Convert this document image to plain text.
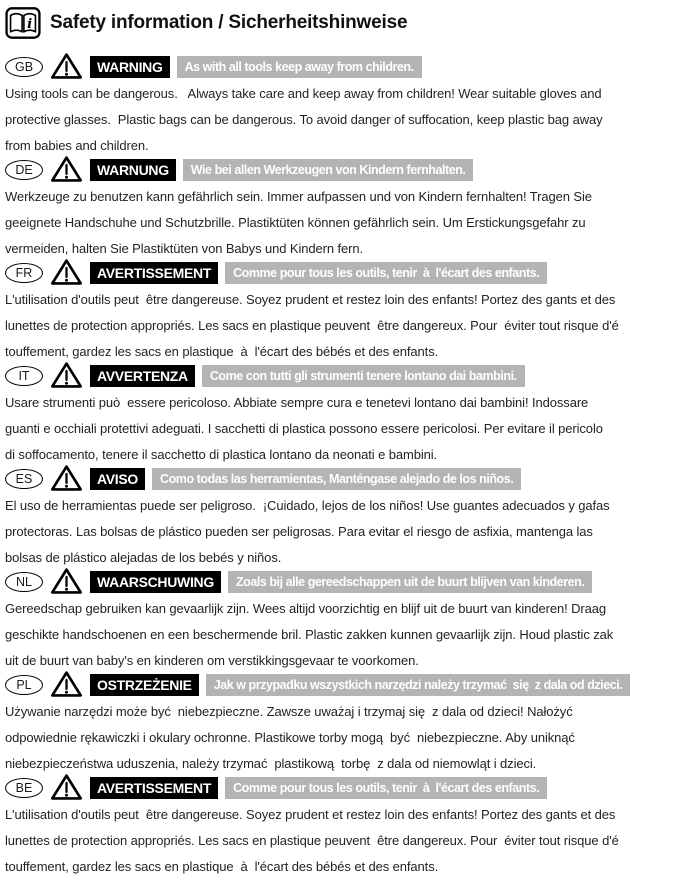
i Safety information / Sicherheitshinweise
GB	WARNING	As with all tools keep away from children.
Using tools can be dangerous.   Always take care and keep away from children! Wear suitable gloves and
protective glasses.  Plastic bags can be dangerous. To avoid danger of suffocation, keep plastic bag away
from babies and children.
DE	WARNUNG	Wie bei allen Werkzeugen von Kindern fernhalten.
Werkzeuge zu benutzen kann gefährlich sein. Immer aufpassen und von Kindern fernhalten! Tragen Sie
geeignete Handschuhe und Schutzbrille. Plastiktüten können gefährlich sein. Um Erstickungsgefahr zu
vermeiden, halten Sie Plastiktüten von Babys und Kindern fern.
FR	AVERTISSEMENT	Comme pour tous les outils, tenir  à  l'écart des enfants.
L'utilisation d'outils peut  être dangereuse. Soyez prudent et restez loin des enfants! Portez des gants et des
lunettes de protection appropriés. Les sacs en plastique peuvent  être dangereux. Pour  éviter tout risque d'é
touffement, gardez les sacs en plastique  à  l'écart des bébés et des enfants.
IT	AVVERTENZA	Come con tutti gli strumenti tenere lontano dai bambini.
Usare strumenti può  essere pericoloso. Abbiate sempre cura e tenetevi lontano dai bambini! Indossare
guanti e occhiali protettivi adeguati. I sacchetti di plastica possono essere pericolosi. Per evitare il pericolo
di soffocamento, tenere il sacchetto di plastica lontano da neonati e bambini.
ES	AVISO	Como todas las herramientas, Manténgase alejado de los niños.
El uso de herramientas puede ser peligroso.  ¡Cuidado, lejos de los niños! Use guantes adecuados y gafas
protectoras. Las bolsas de plástico pueden ser peligrosas. Para evitar el riesgo de asfixia, mantenga las
bolsas de plástico alejadas de los bebés y niños.
NL	WAARSCHUWING	Zoals bij alle gereedschappen uit de buurt blijven van kinderen.
Gereedschap gebruiken kan gevaarlijk zijn. Wees altijd voorzichtig en blijf uit de buurt van kinderen! Draag
geschikte handschoenen en een beschermende bril. Plastic zakken kunnen gevaarlijk zijn. Houd plastic zak
uit de buurt van baby's en kinderen om verstikkingsgevaar te voorkomen.
PL	OSTRZEŻENIE	Jak w przypadku wszystkich narzędzi należy trzymać  się  z dala od dzieci.
Używanie narzędzi może być  niebezpieczne. Zawsze uważaj i trzymaj się  z dala od dzieci! Nałożyć
odpowiednie rękawiczki i okulary ochronne. Plastikowe torby mogą  być  niebezpieczne. Aby uniknąć
niebezpieczeństwa uduszenia, należy trzymać  plastikową  torbę  z dala od niemowląt i dzieci.
BE	AVERTISSEMENT	Comme pour tous les outils, tenir  à  l'écart des enfants.
L'utilisation d'outils peut  être dangereuse. Soyez prudent et restez loin des enfants! Portez des gants et des
lunettes de protection appropriés. Les sacs en plastique peuvent  être dangereux. Pour  éviter tout risque d'é
touffement, gardez les sacs en plastique  à  l'écart des bébés et des enfants.
